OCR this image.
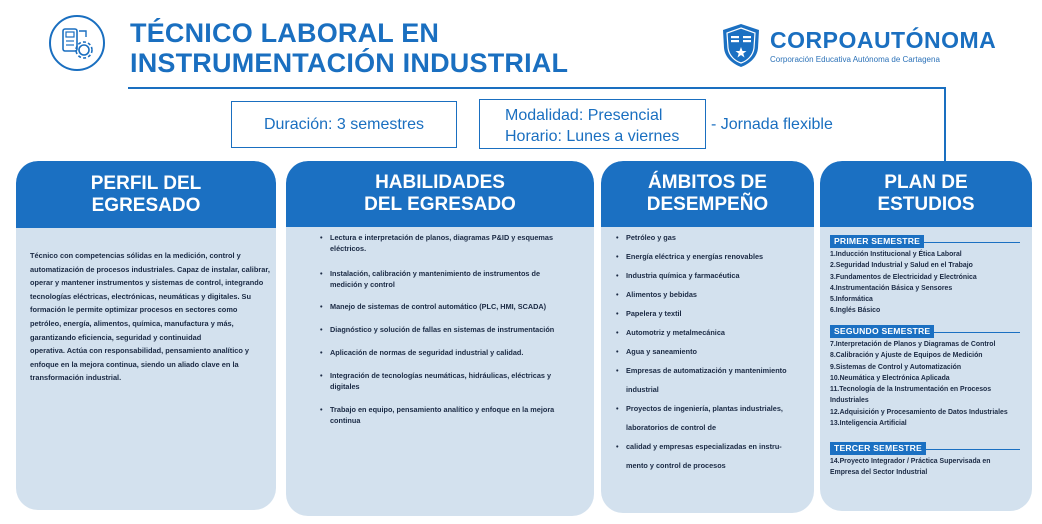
TÉCNICO LABORAL EN
INSTRUMENTACIÓN INDUSTRIAL
CORPOAUTÓNOMA
Corporación Educativa Autónoma de Cartagena
Duración: 3 semestres	Modalidad: Presencial
Horario: Lunes a viernes
- Jornada flexible
PERFIL DEL
EGRESADO

Técnico con competencias sólidas en la medición, control y automatización de procesos industriales. Capaz de instalar, calibrar, operar y mantener instrumentos y sistemas de control, integrando tecnologías eléctricas, electrónicas, neumáticas y digitales. Su formación le permite optimizar procesos en sectores como petróleo, energía, alimentos, química, manufactura y más, garantizando eficiencia, seguridad y continuidad
operativa. Actúa con responsabilidad, pensamiento analítico y enfoque en la mejora continua, siendo un aliado clave en la transformación industrial.

HABILIDADES
DEL EGRESADO
• Lectura e interpretación de planos, diagramas P&ID y esquemas eléctricos.
• Instalación, calibración y mantenimiento de instrumentos de medición y control
• Manejo de sistemas de control automático (PLC, HMI, SCADA)
• Diagnóstico y solución de fallas en sistemas de instrumentación
• Aplicación de normas de seguridad industrial y calidad.
• Integración de tecnologías neumáticas, hidráulicas, eléctricas y digitales
• Trabajo en equipo, pensamiento analítico y enfoque en la mejora continua
ÁMBITOS DE
DESEMPEÑO
• Petróleo y gas
• Energía eléctrica y energías renovables
• Industria química y farmacéutica
• Alimentos y bebidas
• Papelera y textil
• Automotriz y metalmecánica
• Agua y saneamiento
• Empresas de automatización y mantenimiento
industrial
• Proyectos de ingeniería, plantas industriales,
laboratorios de control de
• calidad y empresas especializadas en instru-
mento y control de procesos
PLAN DE
ESTUDIOS
PRIMER SEMESTRE
1.Inducción Institucional y Ética Laboral
2.Seguridad Industrial y Salud en el Trabajo
3.Fundamentos de Electricidad y Electrónica
4.Instrumentación Básica y Sensores
5.Informática
6.Inglés Básico
SEGUNDO SEMESTRE
7.Interpretación de Planos y Diagramas de Control
8.Calibración y Ajuste de Equipos de Medición
9.Sistemas de Control y Automatización
10.Neumática y Electrónica Aplicada
11.Tecnología de la Instrumentación en Procesos Industriales
12.Adquisición y Procesamiento de Datos Industriales
13.Inteligencia Artificial
TERCER SEMESTRE
14.Proyecto Integrador / Práctica Supervisada en Empresa del Sector Industrial
